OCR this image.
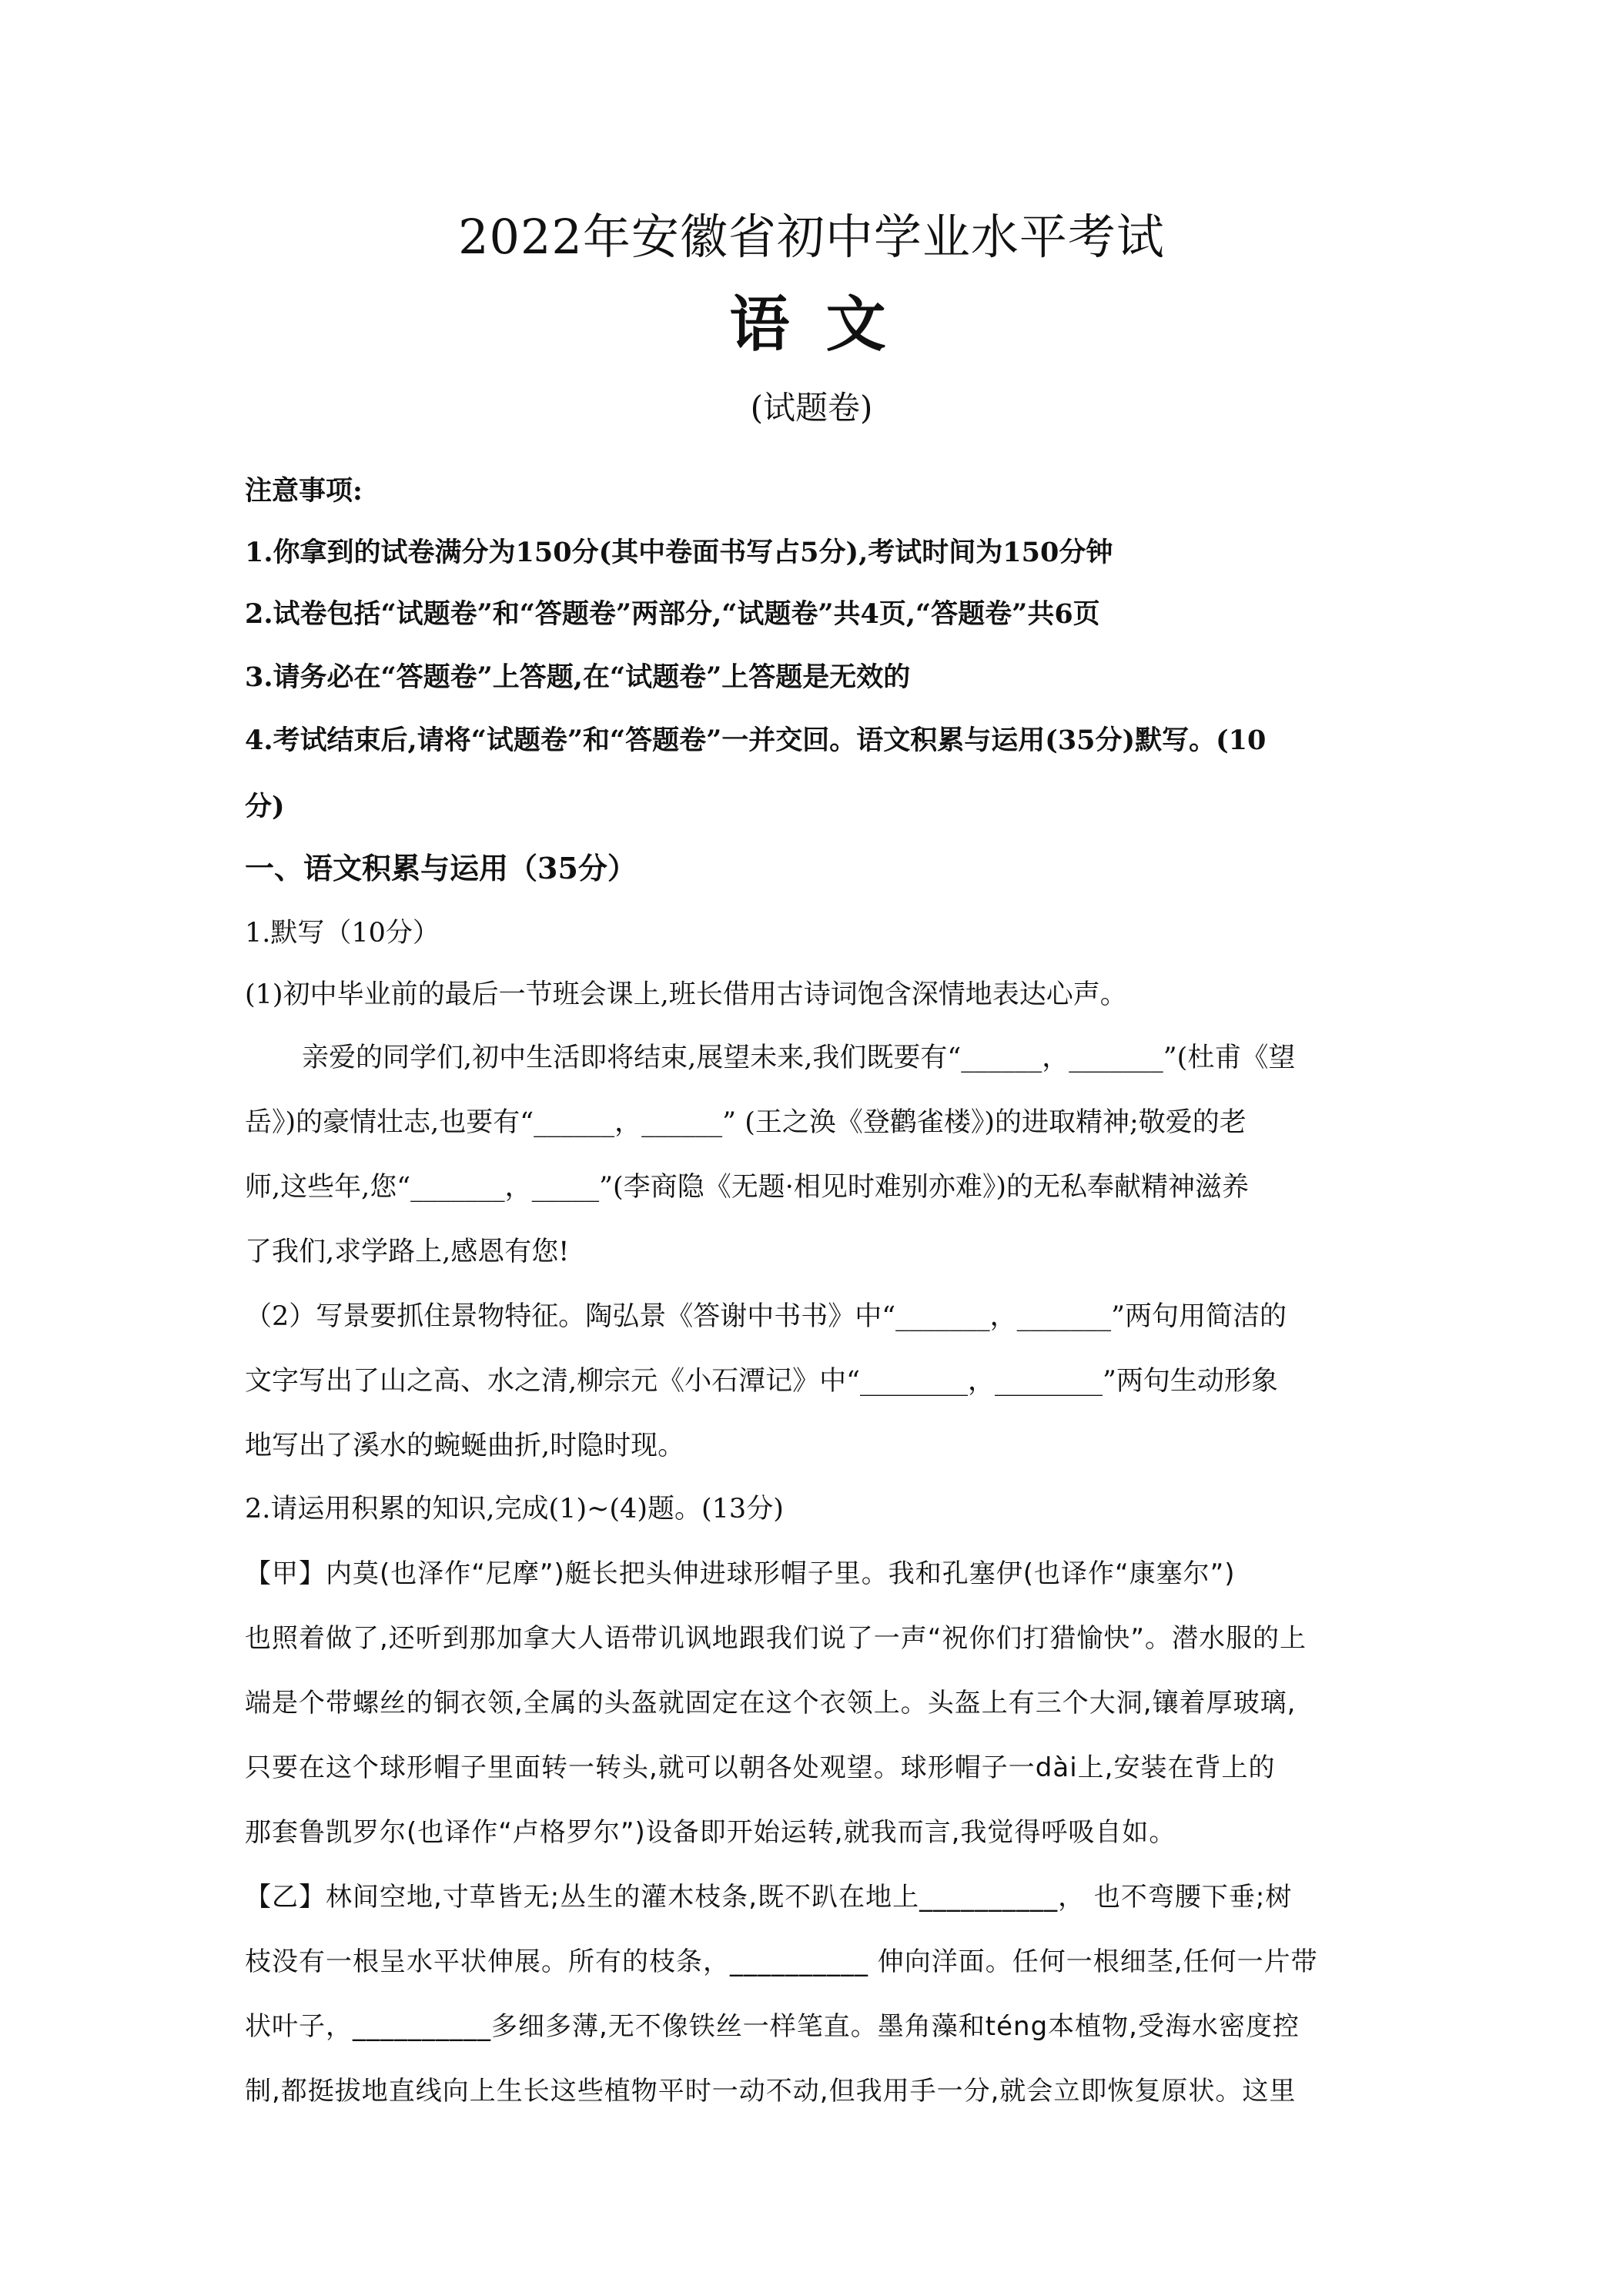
2022年安徽省初中学业水平考试
语 文
(试题卷)
注意事项:
1.你拿到的试卷满分为150分(其中卷面书写占5分),考试时间为150分钟
2.试卷包括“试题卷”和“答题卷”两部分,“试题卷”共4页,“答题卷”共6页
3.请务必在“答题卷”上答题,在“试题卷”上答题是无效的
4.考试结束后,请将“试题卷”和“答题卷”一并交回。语文积累与运用(35分)默写。(10
分)
一、语文积累与运用（35分）
1.默写（10分）
(1)初中毕业前的最后一节班会课上,班长借用古诗词饱含深情地表达心声。
亲爱的同学们,初中生活即将结束,展望未来,我们既要有“______，_______”(杜甫《望
岳》)的豪情壮志,也要有“______，______” (王之涣《登鹳雀楼》)的进取精神;敬爱的老
师,这些年,您“_______，_____”(李商隐《无题·相见时难别亦难》)的无私奉献精神滋养
了我们,求学路上,感恩有您!
（2）写景要抓住景物特征。陶弘景《答谢中书书》中“_______，_______”两句用简洁的
文字写出了山之高、水之清,柳宗元《小石潭记》中“________，________”两句生动形象
地写出了溪水的蜿蜒曲折,时隐时现。
2.请运用积累的知识,完成(1)~(4)题。(13分)
【甲】内莫(也泽作“尼摩”)艇长把头伸进球形帽子里。我和孔塞伊(也译作“康塞尔”)
也照着做了,还听到那加拿大人语带讥讽地跟我们说了一声“祝你们打猎愉快”。潜水服的上
端是个带螺丝的铜衣领,全属的头盔就固定在这个衣领上。头盔上有三个大洞,镶着厚玻璃,
只要在这个球形帽子里面转一转头,就可以朝各处观望。球形帽子一dài上,安装在背上的
那套鲁凯罗尔(也译作“卢格罗尔”)设备即开始运转,就我而言,我觉得呼吸自如。
【乙】林间空地,寸草皆无;丛生的灌木枝条,既不趴在地上__________， 也不弯腰下垂;树
枝没有一根呈水平状伸展。所有的枝条，__________ 伸向洋面。任何一根细茎,任何一片带
状叶子，__________多细多薄,无不像铁丝一样笔直。墨角藻和téng本植物,受海水密度控
制,都挺拔地直线向上生长这些植物平时一动不动,但我用手一分,就会立即恢复原状。这里
